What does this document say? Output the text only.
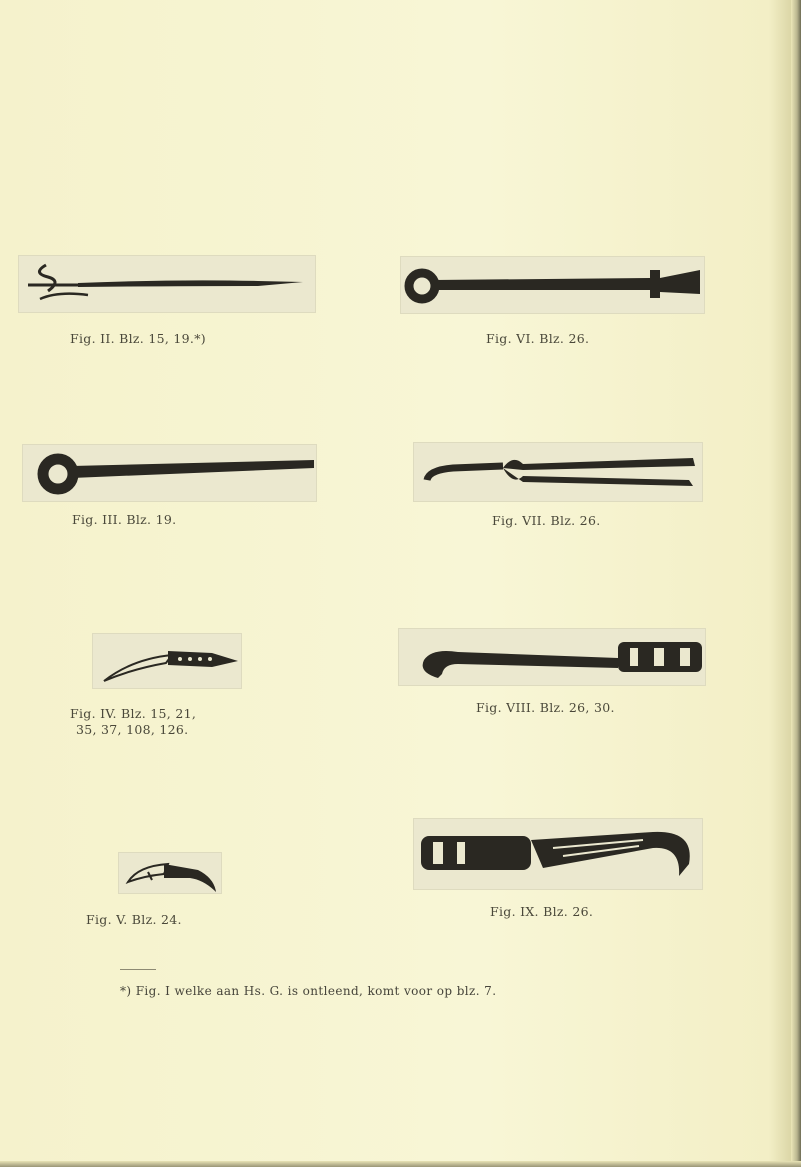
Fig. II. Blz. 15, 19.*)	Fig. VI. Blz. 26.
Fig. III. Blz. 19.	Fig. VII. Blz. 26.
Fig. IV. Blz. 15, 21,
35, 37, 108, 126.
Fig. VIII. Blz. 26, 30.
Fig. V. Blz. 24.
Fig. IX. Blz. 26.
*) Fig. I welke aan Hs. G. is ontleend, komt voor op blz. 7.
